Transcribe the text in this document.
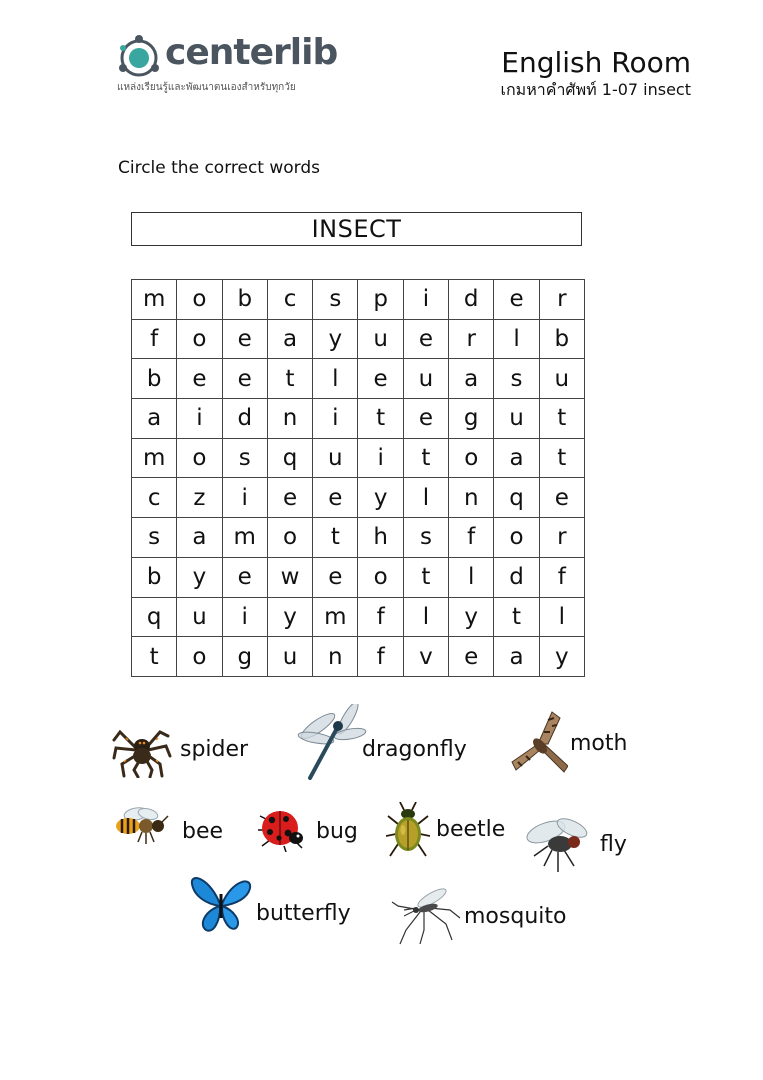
centerlib
แหล่งเรียนรู้และพัฒนาตนเองสำหรับทุกวัย

English Room

เกมหาคำศัพท์ 1-07 insect

Circle the correct words
INSECT
m	o	b	c	s	p	i	d	e	r
f	o	e	a	y	u	e	r	l	b
b	e	e	t	l	e	u	a	s	u
a	i	d	n	i	t	e	g	u	t
m	o	s	q	u	i	t	o	a	t
c	z	i	e	e	y	l	n	q	e
s	a	m	o	t	h	s	f	o	r
b	y	e	w	e	o	t	l	d	f
q	u	i	y	m	f	l	y	t	l
t	o	g	u	n	f	v	e	a	y
spider	dragonfly	moth
bee	bug	beetle
fly
butterfly	mosquito
